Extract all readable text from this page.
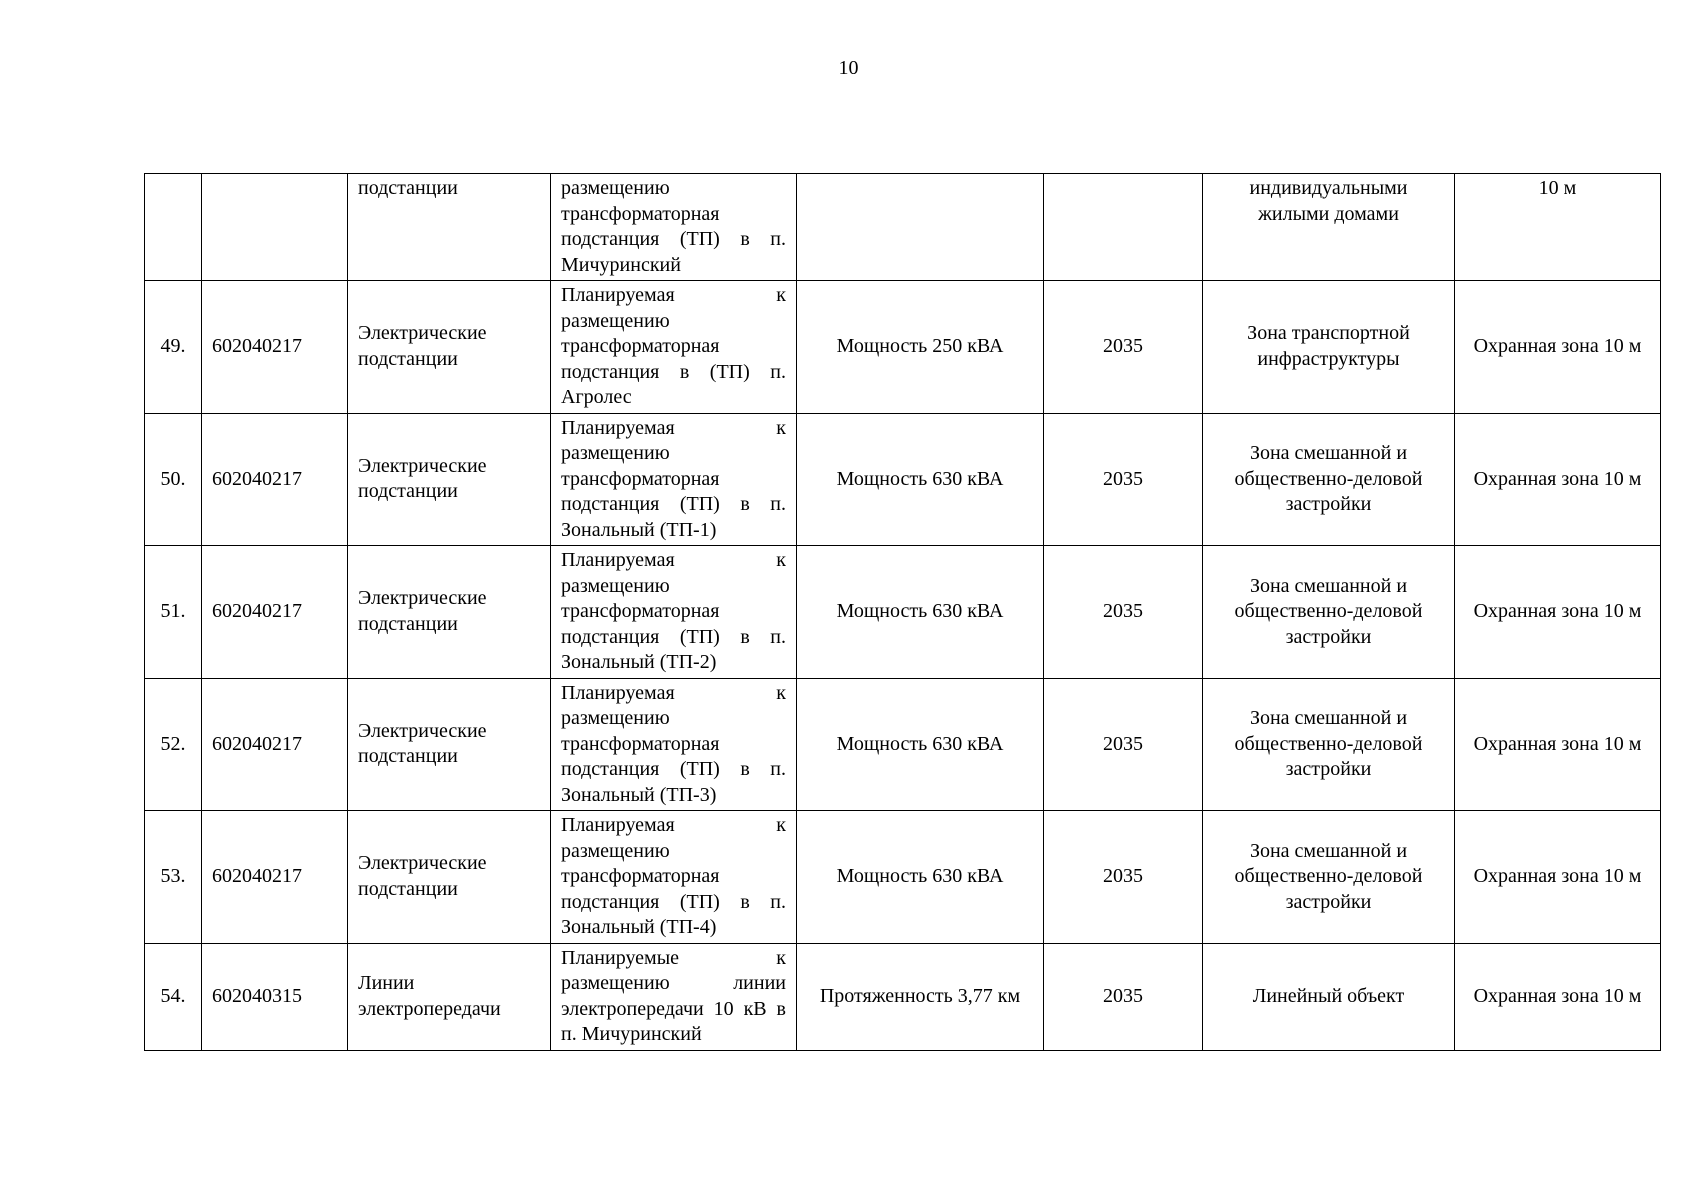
10
		подстанции	размещению трансформаторная подстанция (ТП) в п. Мичуринский			индивидуальными жилыми домами	10 м
49.	602040217	Электрические подстанции	Планируемая к размещению трансформаторная подстанция в (ТП) п. Агролес	Мощность 250 кВА	2035	Зона транспортной инфраструктуры	Охранная зона 10 м
50.	602040217	Электрические подстанции	Планируемая к размещению трансформаторная подстанция (ТП) в п. Зональный (ТП-1)	Мощность 630 кВА	2035	Зона смешанной и общественно-деловой застройки	Охранная зона 10 м
51.	602040217	Электрические подстанции	Планируемая к размещению трансформаторная подстанция (ТП) в п. Зональный (ТП-2)	Мощность 630 кВА	2035	Зона смешанной и общественно-деловой застройки	Охранная зона 10 м
52.	602040217	Электрические подстанции	Планируемая к размещению трансформаторная подстанция (ТП) в п. Зональный (ТП-3)	Мощность 630 кВА	2035	Зона смешанной и общественно-деловой застройки	Охранная зона 10 м
53.	602040217	Электрические подстанции	Планируемая к размещению трансформаторная подстанция (ТП) в п. Зональный (ТП-4)	Мощность 630 кВА	2035	Зона смешанной и общественно-деловой застройки	Охранная зона 10 м
54.	602040315	Линии электропередачи	Планируемые к размещению линии электропередачи 10 кВ в п. Мичуринский	Протяженность 3,77 км	2035	Линейный объект	Охранная зона 10 м
